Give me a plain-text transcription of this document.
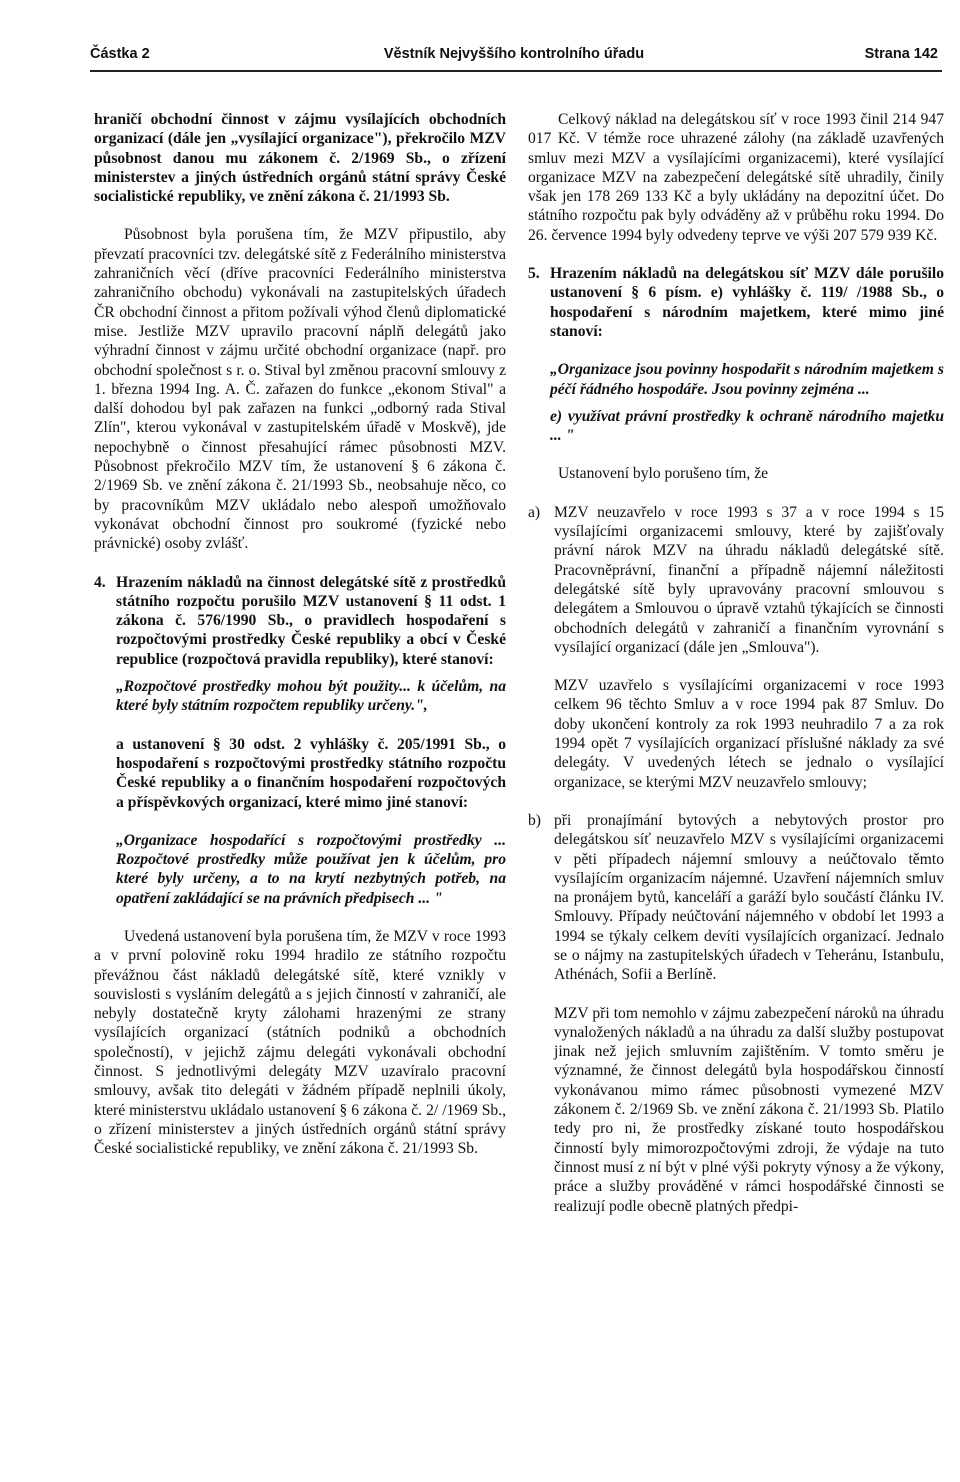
Částka 2	Věstník Nejvyššího kontrolního úřadu	Strana 142

hraničí obchodní činnost v zájmu vysílajících obchodních organizací (dále jen „vysílající organizace"), překročilo MZV působnost danou mu zákonem č. 2/1969 Sb., o zřízení ministerstev a jiných ústředních orgánů státní správy České socialistické republiky, ve znění zákona č. 21/1993 Sb.

Působnost byla porušena tím, že MZV připustilo, aby převzatí pracovníci tzv. delegátské sítě z Federálního ministerstva zahraničních věcí (dříve pracovníci Federálního ministerstva zahraničního obchodu) vykonávali na zastupitelských úřadech ČR obchodní činnost a přitom požívali výhod členů diplomatické mise. Jestliže MZV upravilo pracovní náplň delegátů jako výhradní činnost v zájmu určité obchodní organizace (např. pro obchodní společnost s r. o. Stival byl změnou pracovní smlouvy z 1. března 1994 Ing. A. Č. zařazen do funkce „ekonom Stival" a další dohodou byl pak zařazen na funkci „odborný rada Stival Zlín", kterou vykonával v zastupitelském úřadě v Moskvě), jde nepochybně o činnost přesahující rámec působnosti MZV. Působnost překročilo MZV tím, že ustanovení § 6 zákona č. 2/1969 Sb. ve znění zákona č. 21/1993 Sb., neobsahuje něco, co by pracovníkům MZV ukládalo nebo alespoň umožňovalo vykonávat obchodní činnost pro soukromé (fyzické nebo právnické) osoby zvlášť.

4. Hrazením nákladů na činnost delegátské sítě z prostředků státního rozpočtu porušilo MZV ustanovení § 11 odst. 1 zákona č. 576/1990 Sb., o pravidlech hospodaření s rozpočtovými prostředky České republiky a obcí v České republice (rozpočtová pravidla republiky), které stanoví:

„Rozpočtové prostředky mohou být použity... k účelům, na které byly státním rozpočtem republiky určeny.",

a ustanovení § 30 odst. 2 vyhlášky č. 205/1991 Sb., o hospodaření s rozpočtovými prostředky státního rozpočtu České republiky a o finančním hospodaření rozpočtových a příspěvkových organizací, které mimo jiné stanoví:

„Organizace hospodařící s rozpočtovými prostředky ... Rozpočtové prostředky může používat jen k účelům, pro které byly určeny, a to na krytí nezbytných potřeb, na opatření zakládající se na právních předpisech ... "

Uvedená ustanovení byla porušena tím, že MZV v roce 1993 a v první polovině roku 1994 hradilo ze státního rozpočtu převážnou část nákladů delegátské sítě, které vznikly v souvislosti s vysláním delegátů a s jejich činností v zahraničí, ale nebyly dostatečně kryty zálohami hrazenými ze strany vysílajících organizací (státních podniků a obchodních společností), v jejichž zájmu delegáti vykonávali obchodní činnost. S jednotlivými delegáty MZV uzavíralo pracovní smlouvy, avšak tito delegáti v žádném případě neplnili úkoly, které ministerstvu ukládalo ustanovení § 6 zákona č. 2/ /1969 Sb., o zřízení ministerstev a jiných ústředních orgánů státní správy České socialistické republiky, ve znění zákona č. 21/1993 Sb.

Celkový náklad na delegátskou síť v roce 1993 činil 214 947 017 Kč. V témže roce uhrazené zálohy (na základě uzavřených smluv mezi MZV a vysílajícími organizacemi), které vysílající organizace MZV na zabezpečení delegátské sítě uhradily, činily však jen 178 269 133 Kč a byly ukládány na depozitní účet. Do státního rozpočtu pak byly odváděny až v průběhu roku 1994. Do 26. července 1994 byly odvedeny teprve ve výši 207 579 939 Kč.

5. Hrazením nákladů na delegátskou síť MZV dále porušilo ustanovení § 6 písm. e) vyhlášky č. 119/ /1988 Sb., o hospodaření s národním majetkem, které mimo jiné stanoví:

„Organizace jsou povinny hospodařit s národním majetkem s péčí řádného hospodáře. Jsou povinny zejména ...

e) využívat právní prostředky k ochraně národního majetku ... "

Ustanovení bylo porušeno tím, že

a) MZV neuzavřelo v roce 1993 s 37 a v roce 1994 s 15 vysílajícími organizacemi smlouvy, které by zajišťovaly právní nárok MZV na úhradu nákladů delegátské sítě. Pracovněprávní, finanční a případně nájemní náležitosti delegátské sítě byly upravovány pracovní smlouvou s delegátem a Smlouvou o úpravě vztahů týkajících se činnosti obchodních delegátů v zahraničí a finančním vyrovnání s vysílající organizací (dále jen „Smlouva").

MZV uzavřelo s vysílajícími organizacemi v roce 1993 celkem 96 těchto Smluv a v roce 1994 pak 87 Smluv. Do doby ukončení kontroly za rok 1993 neuhradilo 7 a za rok 1994 opět 7 vysílajících organizací příslušné náklady za své delegáty. V uvedených létech se jednalo o vysílající organizace, se kterými MZV neuzavřelo smlouvy;

b) při pronajímání bytových a nebytových prostor pro delegátskou síť neuzavřelo MZV s vysílajícími organizacemi v pěti případech nájemní smlouvy a neúčtovalo těmto vysílajícím organizacím nájemné. Uzavření nájemních smluv na pronájem bytů, kanceláří a garáží bylo součástí článku IV. Smlouvy. Případy neúčtování nájemného v období let 1993 a 1994 se týkaly celkem devíti vysílajících organizací. Jednalo se o nájmy na zastupitelských úřadech v Teheránu, Istanbulu, Athénách, Sofii a Berlíně.

MZV při tom nemohlo v zájmu zabezpečení nároků na úhradu vynaložených nákladů a na úhradu za další služby postupovat jinak než jejich smluvním zajištěním. V tomto směru je významné, že činnost delegátů byla hospodářskou činností vykonávanou mimo rámec působnosti vymezené MZV zákonem č. 2/1969 Sb. ve znění zákona č. 21/1993 Sb. Platilo tedy pro ni, že prostředky získané touto hospodářskou činností byly mimorozpočtovými zdroji, že výdaje na tuto činnost musí z ní být v plné výši pokryty výnosy a že výkony, práce a služby prováděné v rámci hospodářské činnosti se realizují podle obecně platných předpi-
